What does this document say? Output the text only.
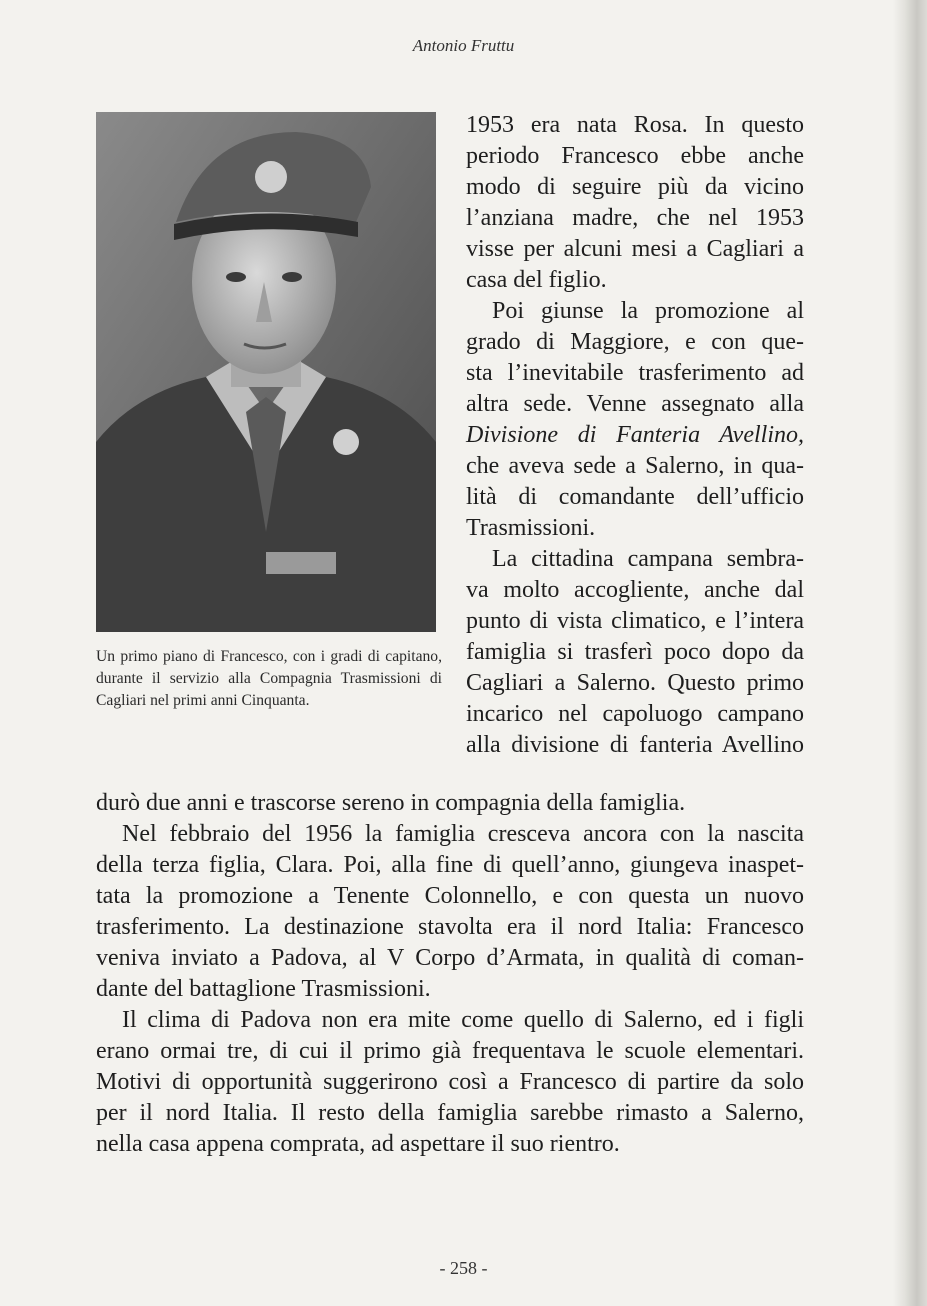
Antonio Fruttu
Un primo piano di Francesco, con i gradi di capitano, durante il servizio alla Compagnia Trasmissioni di Cagliari nel primi anni Cinquanta.

1953 era nata Rosa. In questo
periodo Francesco ebbe anche
modo di seguire più da vicino
l’anziana madre, che nel 1953
visse per alcuni mesi a Cagliari a
casa del figlio.

Poi giunse la promozione al
grado di Maggiore, e con que-
sta l’inevitabile trasferimento ad
altra sede. Venne assegnato alla
Divisione di Fanteria Avellino,
che aveva sede a Salerno, in qua-
lità di comandante dell’ufficio
Trasmissioni.

La cittadina campana sembra-
va molto accogliente, anche dal
punto di vista climatico, e l’intera
famiglia si trasferì poco dopo da
Cagliari a Salerno. Questo primo
incarico nel capoluogo campano
alla divisione di fanteria Avellino

durò due anni e trascorse sereno in compagnia della famiglia.

Nel febbraio del 1956 la famiglia cresceva ancora con la nascita
della terza figlia, Clara. Poi, alla fine di quell’anno, giungeva inaspet-
tata la promozione a Tenente Colonnello, e con questa un nuovo
trasferimento. La destinazione stavolta era il nord Italia: Francesco
veniva inviato a Padova, al V Corpo d’Armata, in qualità di coman-
dante del battaglione Trasmissioni.

Il clima di Padova non era mite come quello di Salerno, ed i figli
erano ormai tre, di cui il primo già frequentava le scuole elementari.
Motivi di opportunità suggerirono così a Francesco di partire da solo
per il nord Italia. Il resto della famiglia sarebbe rimasto a Salerno,
nella casa appena comprata, ad aspettare il suo rientro.

- 258 -
